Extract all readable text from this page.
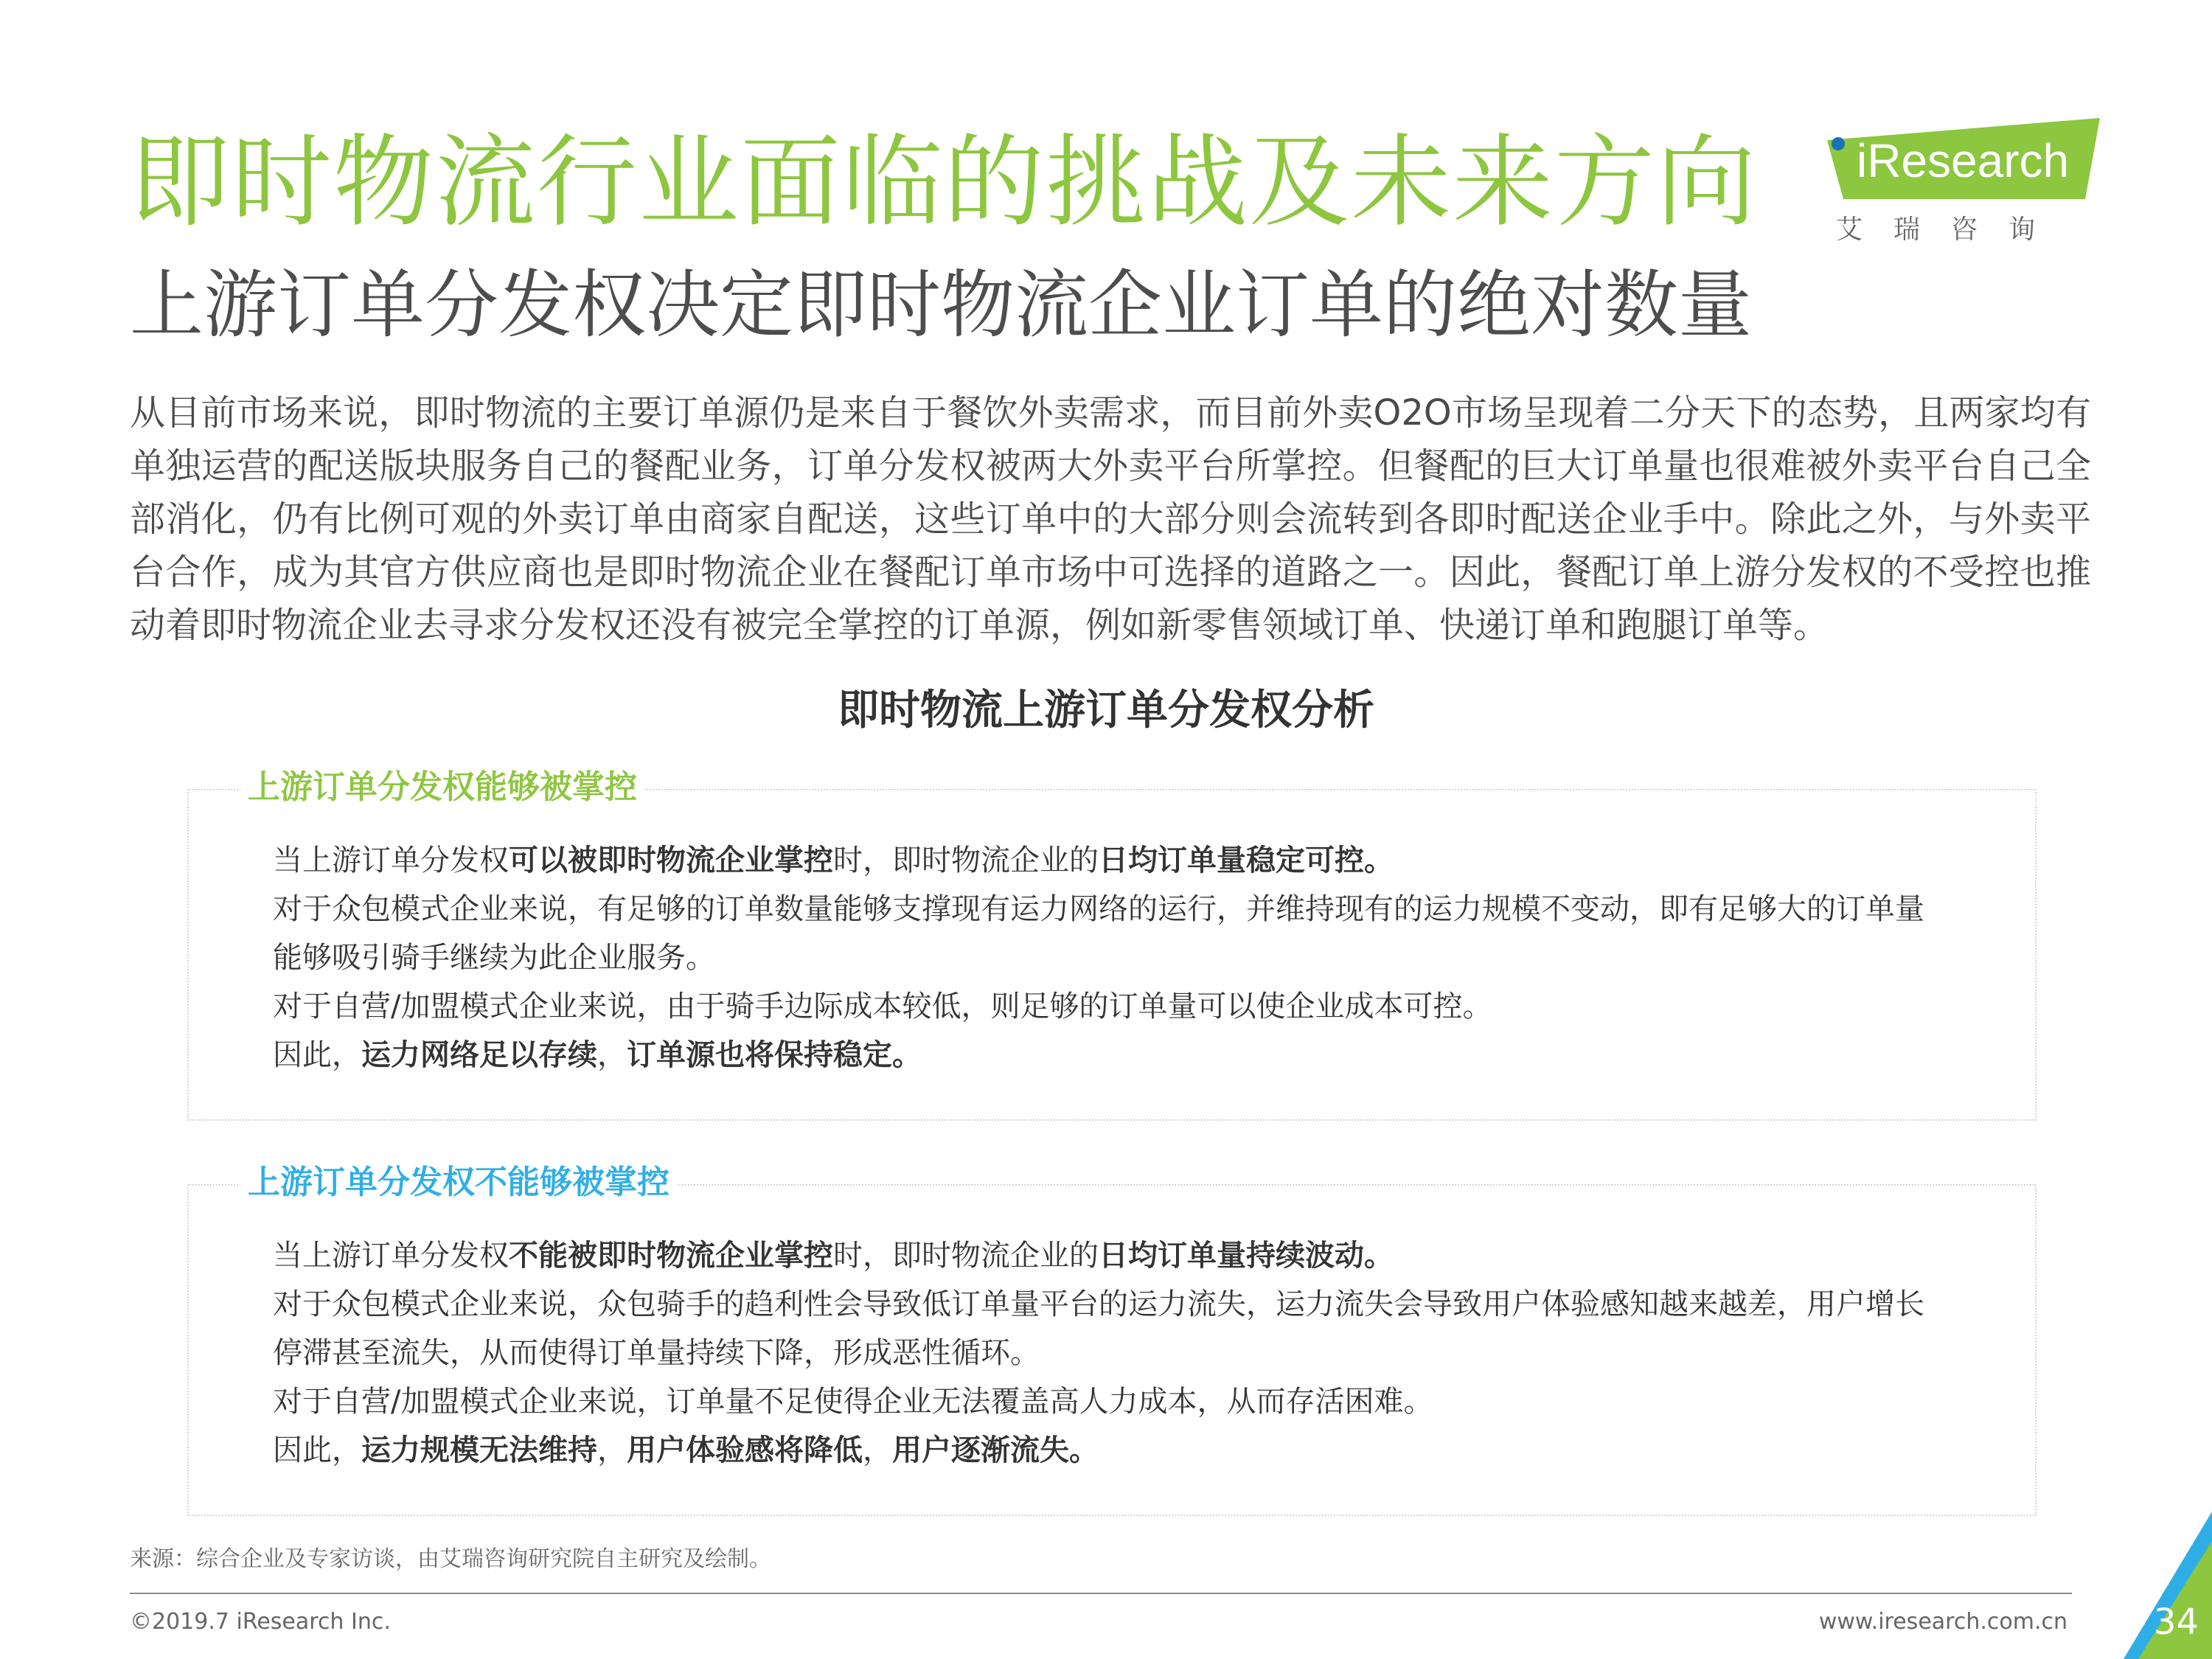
即时物流行业面临的挑战及未来方向
上游订单分发权决定即时物流企业订单的绝对数量
iResearch
艾瑞咨询
从目前市场来说，即时物流的主要订单源仍是来自于餐饮外卖需求，而目前外卖O2O市场呈现着二分天下的态势，且两家均有单独运营的配送版块服务自己的餐配业务，订单分发权被两大外卖平台所掌控。但餐配的巨大订单量也很难被外卖平台自己全部消化，仍有比例可观的外卖订单由商家自配送，这些订单中的大部分则会流转到各即时配送企业手中。除此之外，与外卖平台合作，成为其官方供应商也是即时物流企业在餐配订单市场中可选择的道路之一。因此，餐配订单上游分发权的不受控也推动着即时物流企业去寻求分发权还没有被完全掌控的订单源，例如新零售领域订单、快递订单和跑腿订单等。
即时物流上游订单分发权分析
上游订单分发权能够被掌控

当上游订单分发权可以被即时物流企业掌控时，即时物流企业的日均订单量稳定可控。

对于众包模式企业来说，有足够的订单数量能够支撑现有运力网络的运行，并维持现有的运力规模不变动，即有足够大的订单量能够吸引骑手继续为此企业服务。

对于自营/加盟模式企业来说，由于骑手边际成本较低，则足够的订单量可以使企业成本可控。

因此，运力网络足以存续，订单源也将保持稳定。

上游订单分发权不能够被掌控

当上游订单分发权不能被即时物流企业掌控时，即时物流企业的日均订单量持续波动。

对于众包模式企业来说，众包骑手的趋利性会导致低订单量平台的运力流失，运力流失会导致用户体验感知越来越差，用户增长停滞甚至流失，从而使得订单量持续下降，形成恶性循环。

对于自营/加盟模式企业来说，订单量不足使得企业无法覆盖高人力成本，从而存活困难。

因此，运力规模无法维持，用户体验感将降低，用户逐渐流失。

来源：综合企业及专家访谈，由艾瑞咨询研究院自主研究及绘制。
©2019.7 iResearch Inc.	www.iresearch.com.cn 34
